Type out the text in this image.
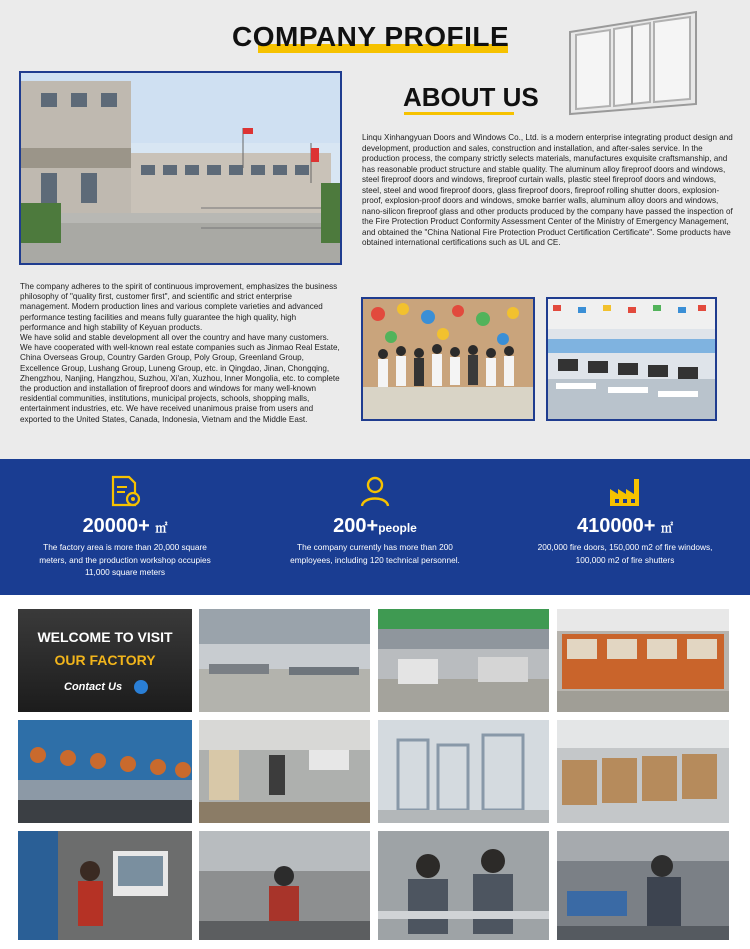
COMPANY PROFILE
ABOUT US
Linqu Xinhangyuan Doors and Windows Co., Ltd. is a modern enterprise integrating product design and development, production and sales, construction and installation, and after-sales service. In the production process, the company strictly selects materials, manufactures exquisite craftsmanship, and has reasonable product structure and stable quality. The aluminum alloy fireproof doors and windows, steel fireproof doors and windows, fireproof curtain walls, plastic steel fireproof doors and windows, steel, steel and wood fireproof doors, glass fireproof doors, fireproof rolling shutter doors, explosion-proof, explosion-proof doors and windows, smoke barrier walls, aluminum alloy doors and windows, nano-silicon fireproof glass and other products produced by the company have passed the inspection of the Fire Protection Product Conformity Assessment Center of the Ministry of Emergency Management, and obtained the "China National Fire Protection Product Certification Certificate". Some products have obtained international certifications such as UL and CE.
The company adheres to the spirit of continuous improvement, emphasizes the business philosophy of "quality first, customer first", and scientific and strict enterprise management. Modern production lines and various complete varieties and advanced performance testing facilities and means fully guarantee the high quality, high performance and high stability of Keyuan products.
We have solid and stable development all over the country and have many customers. We have cooperated with well-known real estate companies such as Jinmao Real Estate, China Overseas Group, Country Garden Group, Poly Group, Greenland Group, Excellence Group, Lushang Group, Luneng Group, etc. in Qingdao, Jinan, Chongqing, Zhengzhou, Nanjing, Hangzhou, Suzhou, Xi'an, Xuzhou, Inner Mongolia, etc. to complete the production and installation of fireproof doors and windows for many well-known residential communities, institutions, municipal projects, schools, shopping malls, entertainment industries, etc. We have received unanimous praise from users and exported to the United States, Canada, Indonesia, Vietnam and the Middle East.
20000+ ㎡
The factory area is more than 20,000 square meters, and the production workshop occupies 11,000 square meters
200+people
The company currently has more than 200 employees, including 120 technical personnel.
410000+ ㎡
200,000 fire doors, 150,000 m2 of fire windows, 100,000 m2 of fire shutters
WELCOME TO VISIT
OUR FACTORY
Contact Us
